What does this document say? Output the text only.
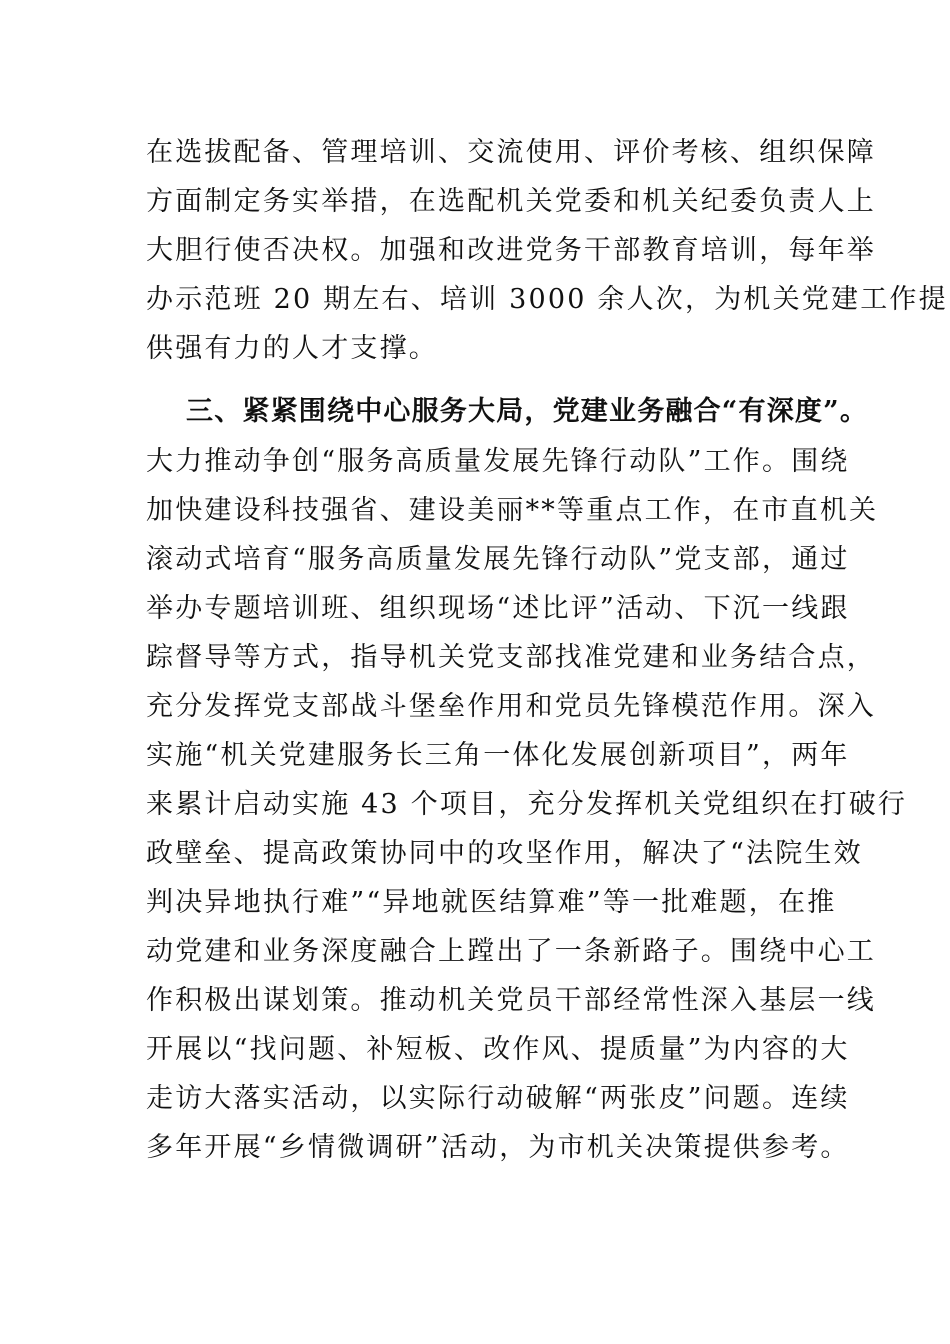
在选拔配备、管理培训、交流使用、评价考核、组织保障
方面制定务实举措，在选配机关党委和机关纪委负责人上
大胆行使否决权。加强和改进党务干部教育培训，每年举
办示范班 20 期左右、培训 3000 余人次，为机关党建工作提
供强有力的人才支撑。
三、紧紧围绕中心服务大局，党建业务融合“有深度”。
大力推动争创“服务高质量发展先锋行动队”工作。围绕
加快建设科技强省、建设美丽**等重点工作，在市直机关
滚动式培育“服务高质量发展先锋行动队”党支部，通过
举办专题培训班、组织现场“述比评”活动、下沉一线跟
踪督导等方式，指导机关党支部找准党建和业务结合点，
充分发挥党支部战斗堡垒作用和党员先锋模范作用。深入
实施“机关党建服务长三角一体化发展创新项目”，两年
来累计启动实施 43 个项目，充分发挥机关党组织在打破行
政壁垒、提高政策协同中的攻坚作用，解决了“法院生效
判决异地执行难”“异地就医结算难”等一批难题，在推
动党建和业务深度融合上蹚出了一条新路子。围绕中心工
作积极出谋划策。推动机关党员干部经常性深入基层一线
开展以“找问题、补短板、改作风、提质量”为内容的大
走访大落实活动，以实际行动破解“两张皮”问题。连续
多年开展“乡情微调研”活动，为市机关决策提供参考。
